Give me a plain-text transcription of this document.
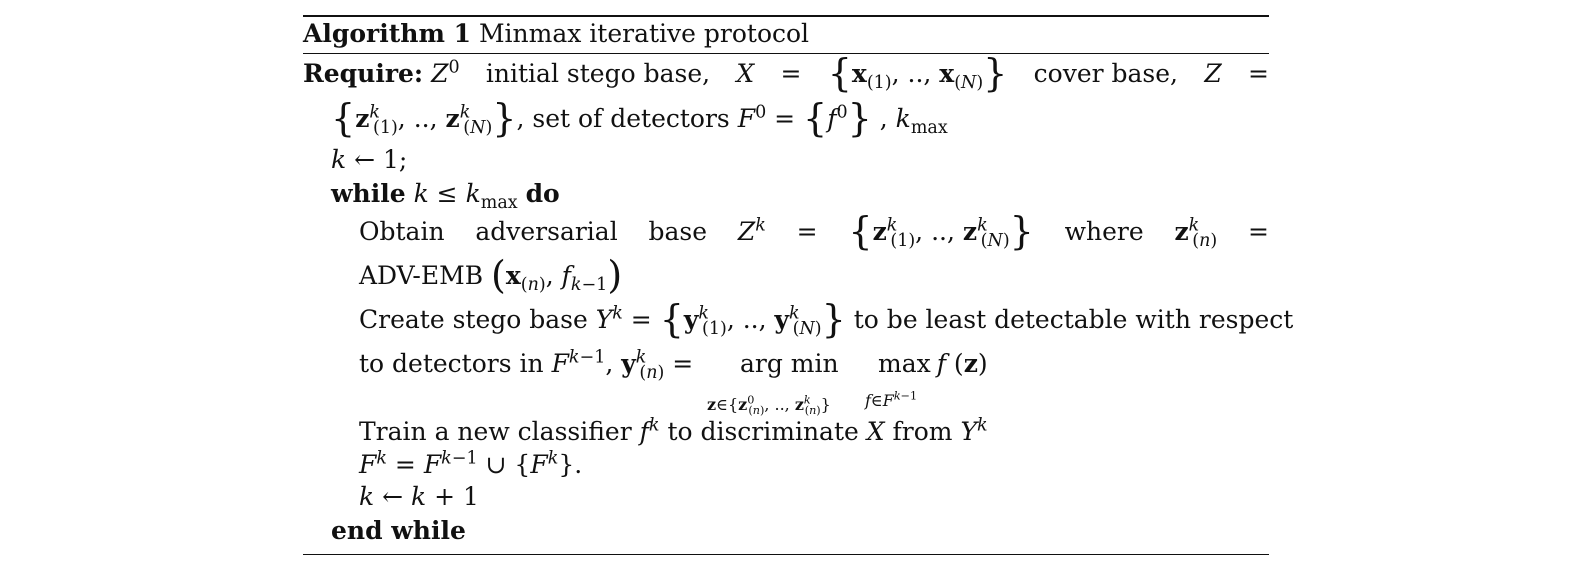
Algorithm 1 Minmax iterative protocol
Require: $Z^0$ initial stego base, $X = \{x_{(1)}$, .., $x_{(N)}$} cover base, Z =
{$z^k_{(1)}$, .., $z^k_{(N)}$}, set of detectors $F^0 = \{f^0\}$ , $k_{max}$
k ← 1;
while $k \le k_{max}$ do
Obtain adversarial base $Z^k = \{z^k_{(1)}$, .., $z^k_{(N)}$} where $z^k_{(n)}$ =
ADV-EMB ($x_{(n)}$, $f_{k-1}$)
Create stego base $Y^k = \{y^k_{(1)}$, .., $y^k_{(N)}$} to be least detectable with respect
to detectors in $F^{k-1}$, $y^k_{(n)}$ = arg min max f (z)
$z\in\{z^0_{(n)}$, .., $z^k_{(n)}$} $f\in F^{k-1}$
Train a new classifier $f^k$ to discriminate X from $Y^k$
$F^k = F^{k-1}$ ∪ $\{F^k\}$.
k ← k + 1
end while
